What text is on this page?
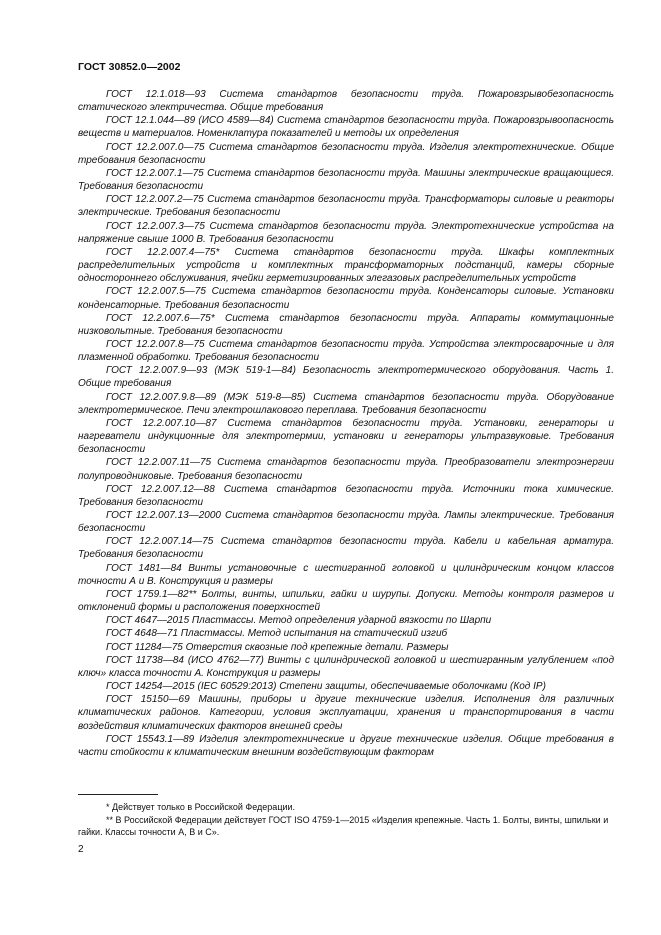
ГОСТ 30852.0—2002

ГОСТ 12.1.018—93 Система стандартов безопасности труда. Пожаровзрывобезопасность статического электричества. Общие требования

ГОСТ 12.1.044—89 (ИСО 4589—84) Система стандартов безопасности труда. Пожаровзрывоопасность веществ и материалов. Номенклатура показателей и методы их определения

ГОСТ 12.2.007.0—75 Система стандартов безопасности труда. Изделия электротехнические. Общие требования безопасности

ГОСТ 12.2.007.1—75 Система стандартов безопасности труда. Машины электрические вращающиеся. Требования безопасности

ГОСТ 12.2.007.2—75 Система стандартов безопасности труда. Трансформаторы силовые и реакторы электрические. Требования безопасности

ГОСТ 12.2.007.3—75 Система стандартов безопасности труда. Электротехнические устройства на напряжение свыше 1000 В. Требования безопасности

ГОСТ 12.2.007.4—75* Система стандартов безопасности труда. Шкафы комплектных распределительных устройств и комплектных трансформаторных подстанций, камеры сборные одностороннего обслуживания, ячейки герметизированных элегазовых распределительных устройств

ГОСТ 12.2.007.5—75 Система стандартов безопасности труда. Конденсаторы силовые. Установки конденсаторные. Требования безопасности

ГОСТ 12.2.007.6—75* Система стандартов безопасности труда. Аппараты коммутационные низковольтные. Требования безопасности

ГОСТ 12.2.007.8—75 Система стандартов безопасности труда. Устройства электросварочные и для плазменной обработки. Требования безопасности

ГОСТ 12.2.007.9—93 (МЭК 519-1—84) Безопасность электротермического оборудования. Часть 1. Общие требования

ГОСТ 12.2.007.9.8—89 (МЭК 519-8—85) Система стандартов безопасности труда. Оборудование электротермическое. Печи электрошлакового переплава. Требования безопасности

ГОСТ 12.2.007.10—87 Система стандартов безопасности труда. Установки, генераторы и нагреватели индукционные для электротермии, установки и генераторы ультразвуковые. Требования безопасности

ГОСТ 12.2.007.11—75 Система стандартов безопасности труда. Преобразователи электроэнергии полупроводниковые. Требования безопасности

ГОСТ 12.2.007.12—88 Система стандартов безопасности труда. Источники тока химические. Требования безопасности

ГОСТ 12.2.007.13—2000 Система стандартов безопасности труда. Лампы электрические. Требования безопасности

ГОСТ 12.2.007.14—75 Система стандартов безопасности труда. Кабели и кабельная арматура. Требования безопасности

ГОСТ 1481—84 Винты установочные с шестигранной головкой и цилиндрическим концом классов точности А и В. Конструкция и размеры

ГОСТ 1759.1—82** Болты, винты, шпильки, гайки и шурупы. Допуски. Методы контроля размеров и отклонений формы и расположения поверхностей

ГОСТ 4647—2015 Пластмассы. Метод определения ударной вязкости по Шарпи

ГОСТ 4648—71 Пластмассы. Метод испытания на статический изгиб

ГОСТ 11284—75 Отверстия сквозные под крепежные детали. Размеры

ГОСТ 11738—84 (ИСО 4762—77) Винты с цилиндрической головкой и шестигранным углублением «под ключ» класса точности А. Конструкция и размеры

ГОСТ 14254—2015 (IEC 60529:2013) Степени защиты, обеспечиваемые оболочками (Код IP)

ГОСТ 15150—69 Машины, приборы и другие технические изделия. Исполнения для различных климатических районов. Категории, условия эксплуатации, хранения и транспортирования в части воздействия климатических факторов внешней среды

ГОСТ 15543.1—89 Изделия электротехнические и другие технические изделия. Общие требования в части стойкости к климатическим внешним воздействующим факторам

* Действует только в Российской Федерации.

** В Российской Федерации действует ГОСТ ISO 4759-1—2015 «Изделия крепежные. Часть 1. Болты, винты, шпильки и гайки. Классы точности А, В и С».

2
